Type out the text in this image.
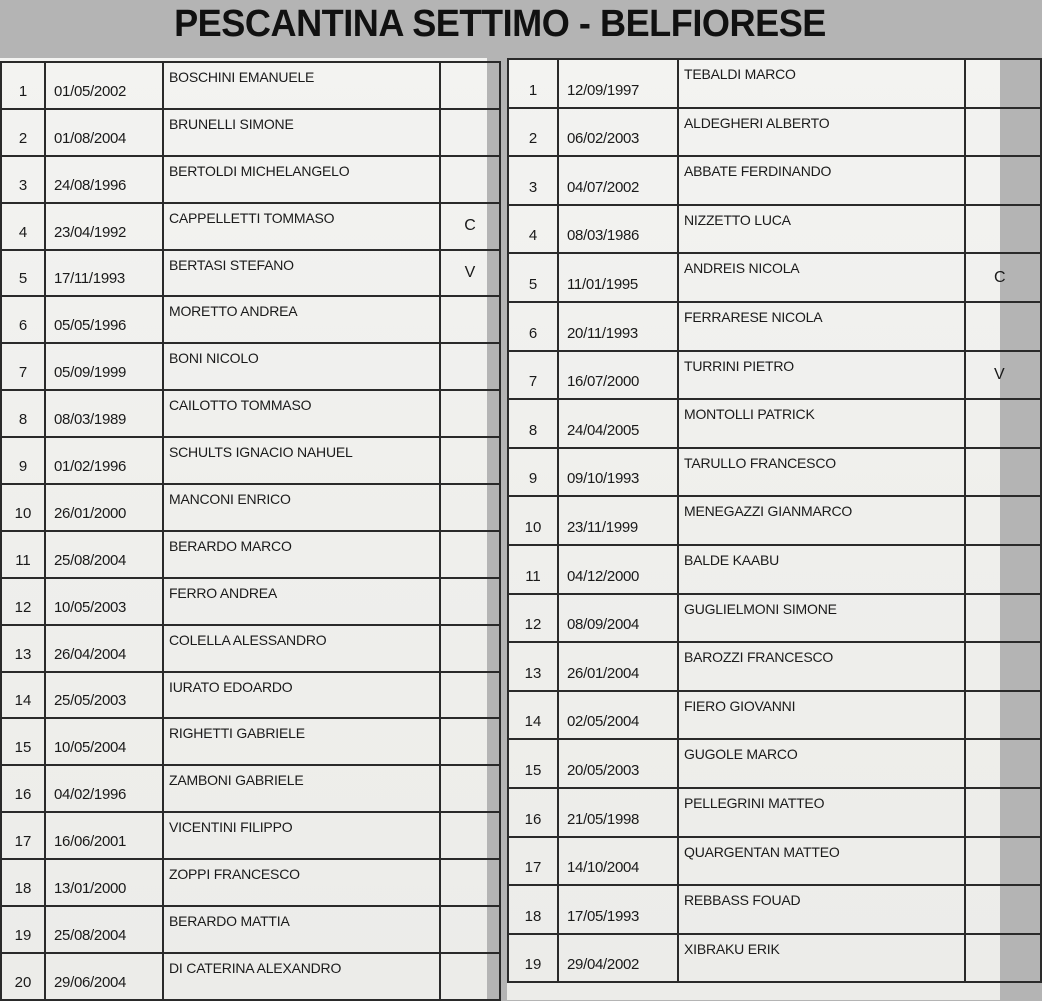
PESCANTINA SETTIMO - BELFIORESE
1	01/05/2002	BOSCHINI EMANUELE	
2	01/08/2004	BRUNELLI SIMONE	
3	24/08/1996	BERTOLDI MICHELANGELO	
4	23/04/1992	CAPPELLETTI TOMMASO	C
5	17/11/1993	BERTASI STEFANO	V
6	05/05/1996	MORETTO ANDREA	
7	05/09/1999	BONI NICOLO	
8	08/03/1989	CAILOTTO TOMMASO	
9	01/02/1996	SCHULTS IGNACIO NAHUEL	
10	26/01/2000	MANCONI ENRICO	
11	25/08/2004	BERARDO MARCO	
12	10/05/2003	FERRO ANDREA	
13	26/04/2004	COLELLA ALESSANDRO	
14	25/05/2003	IURATO EDOARDO	
15	10/05/2004	RIGHETTI GABRIELE	
16	04/02/1996	ZAMBONI GABRIELE	
17	16/06/2001	VICENTINI FILIPPO	
18	13/01/2000	ZOPPI FRANCESCO	
19	25/08/2004	BERARDO MATTIA	
20	29/06/2004	DI CATERINA ALEXANDRO	
1	12/09/1997	TEBALDI MARCO	
2	06/02/2003	ALDEGHERI ALBERTO	
3	04/07/2002	ABBATE FERDINANDO	
4	08/03/1986	NIZZETTO LUCA	
5	11/01/1995	ANDREIS NICOLA	C
6	20/11/1993	FERRARESE NICOLA	
7	16/07/2000	TURRINI PIETRO	V
8	24/04/2005	MONTOLLI PATRICK	
9	09/10/1993	TARULLO FRANCESCO	
10	23/11/1999	MENEGAZZI GIANMARCO	
11	04/12/2000	BALDE KAABU	
12	08/09/2004	GUGLIELMONI SIMONE	
13	26/01/2004	BAROZZI FRANCESCO	
14	02/05/2004	FIERO GIOVANNI	
15	20/05/2003	GUGOLE MARCO	
16	21/05/1998	PELLEGRINI MATTEO	
17	14/10/2004	QUARGENTAN MATTEO	
18	17/05/1993	REBBASS FOUAD	
19	29/04/2002	XIBRAKU ERIK	
